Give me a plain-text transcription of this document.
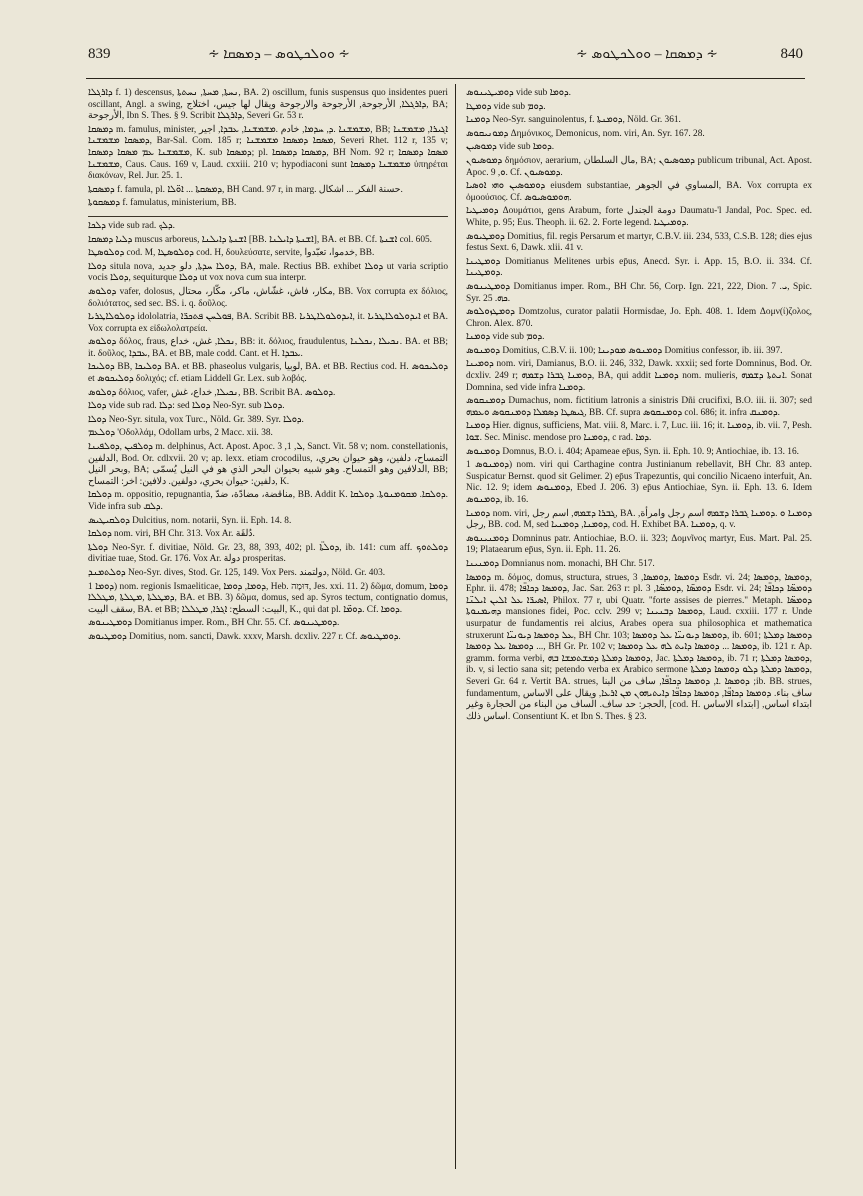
839	∻ ܘܘܠܟܛܘܣ – ܕܡܣܩܐ ∻	∻ ܕܡܣܩܐ – ܘܘܠܟܛܘܣ ∻	840

ܕܐܪܓܠܐ f. 1) descensus, ܢܚܬܐ, ܡܚܬܐ, ܢܚܬܬܐ, BA. 2) oscillum, funis suspensus quo insidentes pueri oscillant, Angl. a swing, ܕܐܪܓܠܐ, الأرجوحة, الأرجوحة والارجوحة ويقال لها جيس، اختلاج, BA; الأرجوحة, Ibn S. Thes. § 9. Scribit ܕܐܪܓܠܐ, Severi Gr. 53 r.

ܕܡܣܩܐ m. famulus, minister, ܡܫܡܫܢܐ .ܕ, ܚܕܡܐ, خادم .ܡܫܡܫܢܐ, ܥܒܕܐ, اجير, BB; ܐܓܝܪܐ, ܡܫܡܫܢܐ ܕܡܣܩܐ ܡܫܡܫܢܐ, Bar-Sal. Com. 185 r; ܡܣܩܐ ܕܡܣܩܐ ܡܫܡܫܢܐ, Severi Rhet. 112 r, 135 v; ܡܫܡܫܢܐ ܥܡ ܡܣܩܐ ܕܡܣܩܐ, K. sub ܕܡܣܩܐ; pl. ܕܡܣܩܐ ܕܡܣܩܐ, BH Nom. 92 r; ܡܣܩܐ ܕܡܣܩܐ ܡܫܡܫܢܐ, Caus. Caus. 169 v, Laud. cxxiii. 210 v; hypodiaconi sunt ܡܫܡܫܢܐ ܕܡܣܩܐ ὑπηρέται διακόνων, Rel. Jur. 25. 1.

ܕܡܣܩܬܐ f. famula, pl. ܕܡܣܩܬܐ ... ܐܘ̈ܠܐ, BH Cand. 97 r, in marg. حسنة الفكر ... اشكال.

ܕܡܣܩܘܬܐ f. famulatus, ministerium, BB.

ܕܠܟܐ vide sub rad. ܕܠܟ.

ܕܠܝܐ ܕܡܣܩܐ muscus arboreus, ܐܫܢܬܐ ܕܐܝܠܢܐ [BB. ܐܫܢܬܐ ܕܐܝܠܢܐ], BA. et BB. Cf. ܐܫܢܬܐ col. 605.

ܕܘܠܘܣܛܐ cod. M, ܕܘܠܘܣܛܐ cod. H, δουλεύσατε, servite, خدموا، تعبّدوا, BB.

ܕܘܠܐ situla nova, ܕܘܠܐ ܚܕܬܐ, دلو جديد, BA, male. Rectius BB. exhibet ܕܘܠܐ ut varia scriptio vocis ܕܘܠܐ, sequiturque ܕܘܠܐ ut vox nova cum sua interpr.

ܕܘܠܘܣ vafer, dolosus, مكار، فاش، غشّاش، ماكر، مكّار، محتال, BB. Vox corrupta ex δόλιος, δολιότατος, sed sec. BS. i. q. δοῦλος.

ܕܘܠܘܠܐܛܪܝܐ idololatria, ܦܘܠܚܢ ܦܬܟܪ̈ܐ, BA. Scribit BB. ܐܝܕܘܠܘܠܐܛܪܝܐ, it. ܐܝܕܘܠܘܠܐܛܪܝܐ et BA. Vox corrupta ex εἰδωλολατρεία.

ܕܘܠܘܣ δόλος, fraus, ܢܟܠܐ, غش، خداع, BB: it. δόλιος, fraudulentus, ܢܟܝܠܐ ,ܢܟܠܢܐ. BA. et BB; it. δοῦλος, ܥܒܕܐ, BA. et BB, male codd. Cant. et H. ܥܒܕܐ.

ܕܘܠܝܟܐ BB, ܕܘܠܝܟܐ BA. et BB. phaseolus vulgaris, لوبيا, BA. et BB. Rectius cod. H. ܕܘܠܝܟܘܣ et ܕܘܠܝܟܘܣ δολιχός; cf. etiam Liddell Gr. Lex. sub λοβός.

ܕܘܠܘܣ δόλιος, vafer, ܢܟܝܠܐ, خداع، غش, BB. Scribit BA. ܕܘܠܘܣ.

ܕܘܠܐ vide sub rad. ܕܠܐ: sed ܕܘܠܐ Neo-Syr. sub ܕܘܠܐ.

ܕܘܠܐ Neo-Syr. situla, vox Turc., Nöld. Gr. 389. Syr. ܕܘܠܐ.

ܕܘܠܥܡ 'Οδολλάμ, Odollam urbs, 2 Macc. xii. 38.

ܕܘܠܦܝܢ ,ܕܘܠܦܝܢܐ m. delphinus, Act. Apost. Apoc. ܠ, 1, 3, Sanct. Vit. 58 v; nom. constellationis, الدلفين, Bod. Or. cdlxvii. 20 v; ap. lexx. etiam crocodilus, التمساح، دلفين، وهو حيوان بحري، وبحر النيل, BA; الدلافين وهو التمساح. وهو شبيه بحيوان البحر الذي هو في النيل يُسمّى, BB; دلفين: حيوان بحري، دولفين. دلافين: اخر: التمساح, K.

ܕܘܠܩܐ m. oppositio, repugnantia, مناقضة، مضادّة، ضدّ, BB. Addit K. ܕܘܠܩܐ. ܡܩܘܡܢܘܬܐ. ܕܘܠܩܐ. Vide infra sub ܕܠܩ.

ܕܘܠܩܝܛܝܣ Dulcitius, nom. notarii, Syn. ii. Eph. 14. 8.

ܕܘܠܩܐ nom. viri, BH Chr. 313. Vox Ar. دُلقَة.

ܕܘܠܬܐ Neo-Syr. f. divitiae, Nöld. Gr. 23, 88, 393, 402; pl. ܕܘܠܬ̈ܐ, ib. 141: cum aff. ܕܘܠܬܘܟ divitiae tuae, Stod. Gr. 176. Vox Ar. دولة prosperitas.

ܕܘܠܬܡܢܕ Neo-Syr. dives, Stod. Gr. 125, 149. Vox Pers. دولتمند, Nöld. Gr. 403.

ܕܘܡܐ 1) nom. regionis Ismaeliticae, ܕܘܡܐ, ܕܘܡܐ, Heb. דּוּמָה, Jes. xxi. 11. 2) δῶμα, domum, ܕܘܡܐ ܕܡܛܠܬܐ ,ܡܛܠܬܐ ,ܡܛܠܠܐ, BA. et BB. 3) δῶμα, domus, sed ap. Syros tectum, contignatio domus, سقف البيت, BA. et BB; البيت: السطح: ܐܓܪܐ, ܡܛܠܠܐ, K., qui dat pl. ܕܘܡ̈ܐ. Cf. ܕܘܡܐ.

ܕܘܡܛܝܢܘܣ Domitianus imper. Rom., BH Chr. 55. Cf. ܕܘܡܛܝܢܘܣ.

ܕܘܡܛܝܘܣ Domitius, nom. sancti, Dawk. xxxv, Marsh. dcxliv. 227 r. Cf. ܕܘܡܛܝܘܣ.

ܕܘܡܝܛܝܢܘܣ vide sub ܕܘܡܐ.

ܕܘܡܛܐ vide sub ܕܘܡ.

ܕܘܡܢܐ Neo-Syr. sanguinolentus, f. ܕܘܡܢܬܐ, Nöld. Gr. 361.

ܕܡܘܢܝܩܘܣ Δημόνικος, Demonicus, nom. viri, An. Syr. 167. 28.

ܕܡܘܣܝܢ vide sub ܕܘܡܐ.

ܕܡܘܣܝܘܢ δημόσιον, aerarium, مال السلطان, BA; ܕܡܘܣܝܘܢ publicum tribunal, Act. Apost. Apoc. ܘ, 9. Cf. ܕܡܘܣܝܘܢ.

ܕܘܡܘܣܝܢ ܘܗܝ ܐܘܣܝܐ eiusdem substantiae, المساوي في الجوهر, BA. Vox corrupta ex ὁμοούσιος. Cf. ܗܘܡܘܣܝܘܣ.

ܕܘܡܝܛܝܐ Δουμάτιοι, gens Arabum, forte دومة الجندل Daumatu-'l Jandal, Poc. Spec. ed. White, p. 95; Eus. Theoph. ii. 62. 2. Forte legend. ܕܘܡܝܛܝܐ.

ܕܘܡܛܝܘܣ Domitius, fil. regis Persarum et martyr, C.B.V. iii. 234, 533, C.S.B. 128; dies ejus festus Sext. 6, Dawk. xlii. 41 v.

ܕܘܡܛܝܢܐ Domitianus Melitenes urbis ep̄us, Anecd. Syr. i. App. 15, B.O. ii. 334. Cf. ܕܘܡܛܝܢܐ.

ܕܘܡܛܝܢܘܣ Domitianus imper. Rom., BH Chr. 56, Corp. Ign. 221, 222, Dion. ܝ. 7, Spic. Syr. ܟܗ. 25.

ܕܘܡܛܙܘܠܘܣ Domtzolus, curator palatii Hormisdae, Jo. Eph. 408. 1. Idem Δομν(ί)ζολος, Chron. Alex. 870.

ܕܘܡܢܐ vide sub ܕܘܡ.

ܕܘܡܢܘܣ Domitius, C.B.V. ii. 100; ܕܘܡܢܘܣ ܡܘܕܝܢܐ Domitius confessor, ib. iii. 397.

ܕܘܡܝܢܐ nom. viri, Damianus, B.O. ii. 246, 332, Dawk. xxxii; sed forte Domninus, Bod. Or. dcxliv. 249 r; ܕܘܡܢܐ ܓܒܪܐ ܕܫܡܗ, BA, qui addit ܕܘܡܢܐ nom. mulieris, ܐܢܬܬܐ ܕܫܡܗ. Sonat Domnina, sed vide infra ܕܘܡܢܐ.

ܕܘܡܢܩܘܣ Dumachus, nom. fictitium latronis a sinistris Dñi crucifixi, B.O. iii. ii. 307; sed ܓܝܣܛܐ ܕܣܡܠܐ ܕܘܡܢܩܘܣ ܘܥܡܗ, BB. Cf. supra ܕܘܡܢܩܘܣ col. 686; it. infra ܕܘܡܢܩ.

ܕܘܡܢܐ Hier. dignus, sufficiens, Mat. viii. 8, Marc. i. 7, Luc. iii. 16; it. ܕܘܡܢܐ, ib. vii. 7, Pesh. ܫܘܐ. Sec. Minisc. mendose pro ܕܘܡܢܐ, c rad. ܕܡܐ.

ܕܘܡܢܘܣ Domnus, B.O. i. 404; Apameae ep̄us, Syn. ii. Eph. 10. 9; Antiochiae, ib. 13. 16.

ܕܘܡܢܘܣ 1) nom. viri qui Carthagine contra Justinianum rebellavit, BH Chr. 83 antep. Suspicatur Bernst. quod sit Gelimer. 2) ep̄us Trapezuntis, qui concilio Nicaeno interfuit, An. Nic. 12. 9; idem ܕܘܡܢܘܣ, Ebed J. 206. 3) ep̄us Antiochiae, Syn. ii. Eph. 13. 6. Idem ܕܘܡܢܘܣ, ib. 16.

ܕܘܡܢܐ nom. viri, ܓܒܪܐ ܕܫܡܗ, اسم رجل, BA. ܕܘܡܢܐ ܘ .ܕܘܡܢܐ ܓܒܪܐ ܕܫܡܗ اسم رجل وامرأة, رجل, BB. cod. M, sed ܕܘܡܢܐ, ܕܘܡܢܝܐ, cod. H. Exhibet BA. ܕܘܡܢܐ, q. v.

ܕܘܡܢܝܢܘܣ Domninus patr. Antiochiae, B.O. ii. 323; Δομνῖνος martyr, Eus. Mart. Pal. 25. 19; Plataearum ep̄us, Syn. ii. Eph. 11. 26.

ܕܘܡܢܝܢܐ Domnianus nom. monachi, BH Chr. 517.

ܕܘܡܣܐ m. δόμος, domus, structura, strues, ܕܘܡܣܐ ,ܕܘܡܣܐ, 3 Esdr. vi. 24; ܕܘܡܣܐ ,ܕܘܡܣܐ, Ephr. ii. 478; ܕܘܡܣܐ ܕܟܐܦ̈ܐ, Jac. Sar. 263 r: pl. ܕܘܡܣ̈ܐ ,ܕܘܡܣ̈ܐ, 3 Esdr. vi. 24; ܕܘܡܣ̈ܐ ܕܟܐܦ̈ܐ ܐܣܝܪ̈ܐ ܥܠ ܐܠܝܢ ܐܝܠܢ̈ܐ, Philox. 77 r, ubi Quatr. "forte assises de pierres." Metaph. ܕܘܡܣ̈ܐ ܕܗܝܡܢܘܬܐ mansiones fidei, Poc. cclv. 299 v; ܕܘܡܣܐ ܕܒܢܝܢܐ, Laud. cxxiii. 177 r. Unde usurpatur de fundamentis rei alcius, Arabes opera sua philosophica et mathematica struxerunt ܥܠ ܕܘܡܣܐ ܕܝܘܢܝ̈ܐ, BH Chr. 103; ܕܘܡܣܐ ܕܝܘܢܝ̈ܐ ܥܠ ܕܘܡܣܐ, ib. 601; ܕܘܡܣܐ ܕܡܠܬܐ ... ܕܘܡܣܐ ܥܠ ܕܘܡܣܐ, BH Gr. Pr. 102 v; ܕܘܡܣܐ ... ܕܘܡܣܐ ܕܐܝܬ ܠܗ ܥܠ ܕܘܡܣܐ, ib. 121 r. Ap. gramm. forma verbi, ܕܘܡܣܐ ܕܡܠܬܐ ܕܡܫܬܡܫܐ ܒܗ, Jac. ܕܘܡܣܐ ܕܡܠܬܐ, ib. 71 r; ܕܘܡܣܐ ܕܡܠܬܐ, ib. v, si lectio sana sit; petendo verba ex Arabico sermone ܕܘܡܣܐ ܕܡܠܬܐ ܕܠܘ ܕܘܡܣܐ ܕܡܠܬܐ, Severi Gr. 64 r. Vertit BA. strues, ܕܘܡܣܐ .ܐ, ܕܘܡܣܐ ܕܟܐܦ̈ܐ, ساف من البنا ;ib. BB. strues, fundamentum, ساف بناء. ܕܘܡܣܐ ܕܟܐܦ̈ܐ, ܕܘܡܣܐ ܕܟܐܦ̈ܐ ܕܐܝܬܝܗܘܢ ܡܢ ܐܪܥܐ, ويقال على الاساس الحجر: حد ساف. الساف من البناء من الحجارة وغير, [cod. H. ابتداء الاساس] ابتداء اساس, اساس ذلك. Consentiunt K. et Ibn S. Thes. § 23.
